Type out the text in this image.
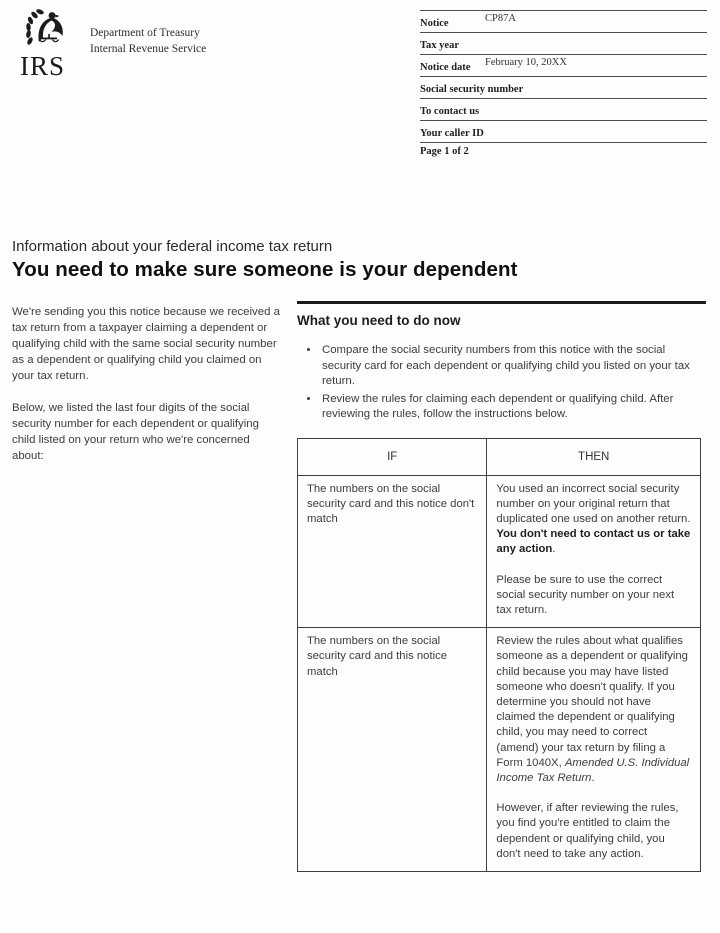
IRS
Department of Treasury
Internal Revenue Service
Notice	CP87A
Tax year
Notice date February 10, 20XX
Social security number
To contact us
Your caller ID
Page 1 of 2
Information about your federal income tax return
You need to make sure someone is your dependent

We're sending you this notice because we received a tax return from a taxpayer claiming a dependent or qualifying child with the same social security number as a dependent or qualifying child you claimed on your tax return.

Below, we listed the last four digits of the social security number for each dependent or qualifying child listed on your return who we're concerned about:

What you need to do now
• Compare the social security numbers from this notice with the social security card for each dependent or qualifying child you listed on your tax return.
• Review the rules for claiming each dependent or qualifying child. After reviewing the rules, follow the instructions below.
IF	THEN

The numbers on the social security card and this notice don't match	You used an incorrect social security number on your original return that duplicated one used on another return. You don't need to contact us or take any action.

Please be sure to use the correct social security number on your next tax return.

The numbers on the social security card and this notice match	Review the rules about what qualifies someone as a dependent or qualifying child because you may have listed someone who doesn't qualify. If you determine you should not have claimed the dependent or qualifying child, you may need to correct (amend) your tax return by filing a Form 1040X, Amended U.S. Individual Income Tax Return.

However, if after reviewing the rules, you find you're entitled to claim the dependent or qualifying child, you don't need to take any action.
